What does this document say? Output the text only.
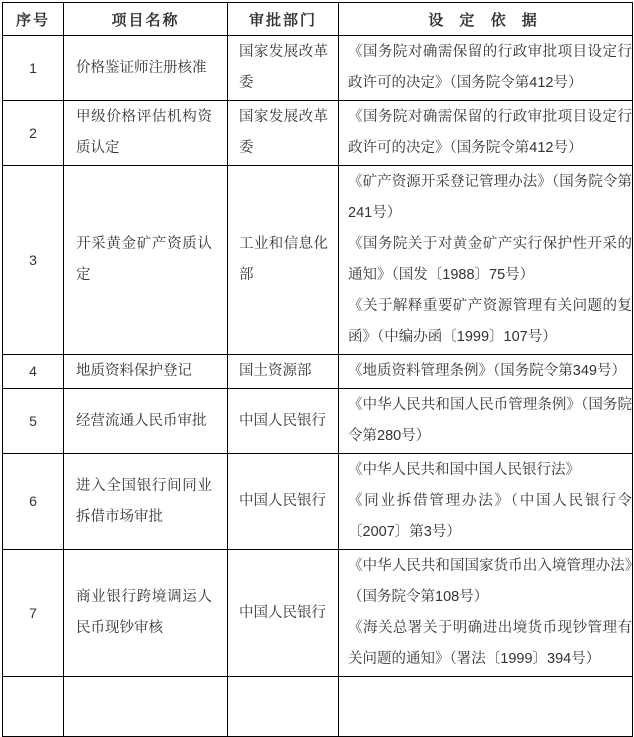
序号	项目名称	审批部门	设 定 依 据
1	价格鉴证师注册核准	国家发展改革委	《国务院对确需保留的行政审批项目设定行政许可的决定》（国务院令第412号）

2	甲级价格评估机构资质认定	国家发展改革委	《国务院对确需保留的行政审批项目设定行政许可的决定》（国务院令第412号）

3	开采黄金矿产资质认定	工业和信息化部	《矿产资源开采登记管理办法》（国务院令第241号）

《国务院关于对黄金矿产实行保护性开采的通知》（国发〔1988〕75号）

《关于解释重要矿产资源管理有关问题的复函》（中编办函〔1999〕107号）

4	地质资料保护登记	国土资源部	《地质资料管理条例》（国务院令第349号）

5	经营流通人民币审批	中国人民银行	《中华人民共和国人民币管理条例》（国务院令第280号）

6	进入全国银行间同业拆借市场审批	中国人民银行	《中华人民共和国中国人民银行法》

《同业拆借管理办法》（中国人民银行令〔2007〕第3号）

7	商业银行跨境调运人民币现钞审核	中国人民银行	《中华人民共和国国家货币出入境管理办法》（国务院令第108号）

《海关总署关于明确进出境货币现钞管理有关问题的通知》（署法〔1999〕394号）
